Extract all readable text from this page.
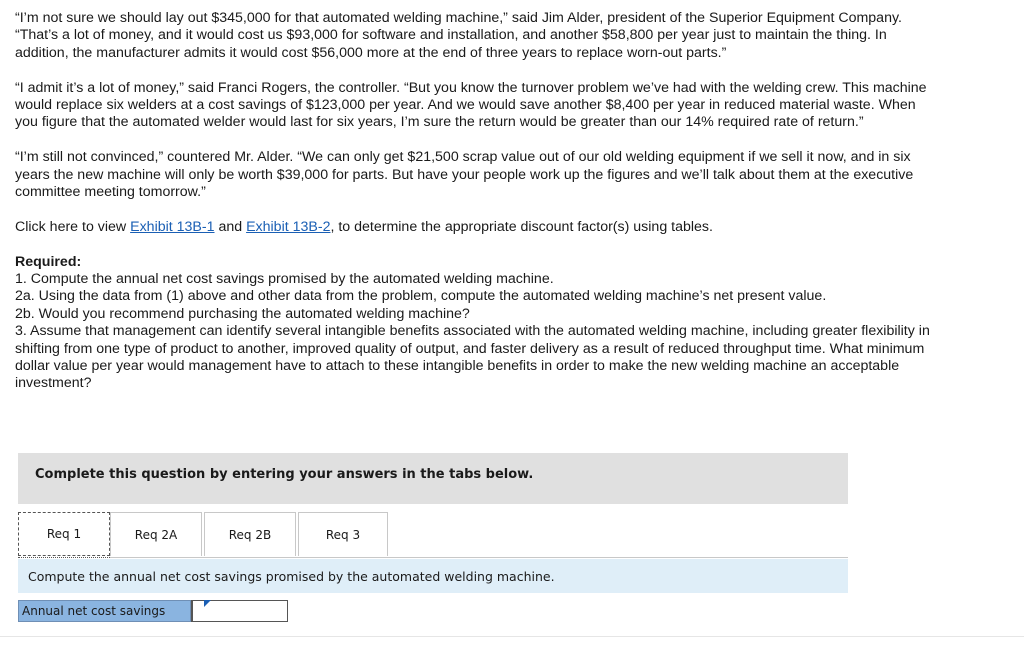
“I’m not sure we should lay out $345,000 for that automated welding machine,” said Jim Alder, president of the Superior Equipment Company. “That’s a lot of money, and it would cost us $93,000 for software and installation, and another $58,800 per year just to maintain the thing. In addition, the manufacturer admits it would cost $56,000 more at the end of three years to replace worn-out parts.”

“I admit it’s a lot of money,” said Franci Rogers, the controller. “But you know the turnover problem we’ve had with the welding crew. This machine would replace six welders at a cost savings of $123,000 per year. And we would save another $8,400 per year in reduced material waste. When you figure that the automated welder would last for six years, I’m sure the return would be greater than our 14% required rate of return.”

“I’m still not convinced,” countered Mr. Alder. “We can only get $21,500 scrap value out of our old welding equipment if we sell it now, and in six years the new machine will only be worth $39,000 for parts. But have your people work up the figures and we’ll talk about them at the executive committee meeting tomorrow.”

Click here to view Exhibit 13B-1 and Exhibit 13B-2, to determine the appropriate discount factor(s) using tables.

Required:
1. Compute the annual net cost savings promised by the automated welding machine.
2a. Using the data from (1) above and other data from the problem, compute the automated welding machine’s net present value.
2b. Would you recommend purchasing the automated welding machine?
3. Assume that management can identify several intangible benefits associated with the automated welding machine, including greater flexibility in shifting from one type of product to another, improved quality of output, and faster delivery as a result of reduced throughput time. What minimum dollar value per year would management have to attach to these intangible benefits in order to make the new welding machine an acceptable investment?

Complete this question by entering your answers in the tabs below.
Req 1	Req 2A	Req 2B	Req 3
Compute the annual net cost savings promised by the automated welding machine.
Annual net cost savings
